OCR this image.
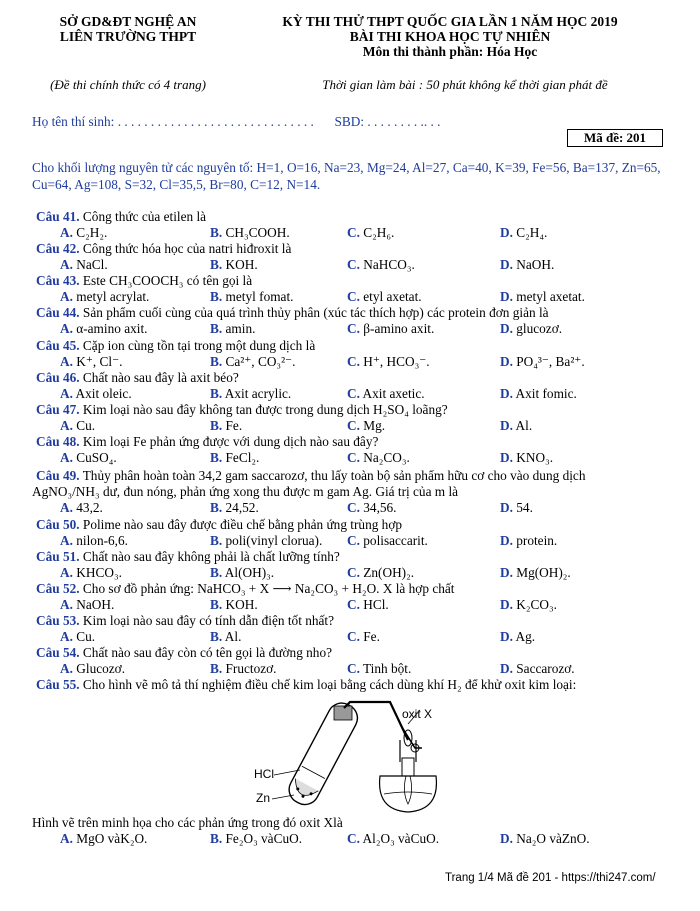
SỞ GD&ĐT NGHỆ AN
LIÊN TRƯỜNG THPT
KỲ THI THỬ THPT QUỐC GIA LẦN 1 NĂM HỌC 2019
BÀI THI KHOA HỌC TỰ NHIÊN
Môn thi thành phần: Hóa Học
(Đề thi chính thức có 4 trang)	Thời gian làm bài : 50 phút không kể thời gian phát đề
Họ tên thí sinh: . . . . . . . . . . . . . . . . . . . . . . . . . . . . . . SBD: . . . . . . . . .. . .
Mã đề: 201
Cho khối lượng nguyên tử các nguyên tố: H=1, O=16, Na=23, Mg=24, Al=27, Ca=40, K=39, Fe=56, Ba=137, Zn=65, Cu=64, Ag=108, S=32, Cl=35,5, Br=80, C=12, N=14.
Câu 41. Công thức của etilen là
A. C₂H₂.	B. CH₃COOH.	C. C₂H₆.	D. C₂H₄.
Câu 42. Công thức hóa học của natri hiđroxit là
A. NaCl.	B. KOH.	C. NaHCO₃.	D. NaOH.
Câu 43. Este CH₃COOCH₃ có tên gọi là
A. metyl acrylat.	B. metyl fomat.	C. etyl axetat.	D. metyl axetat.
Câu 44. Sản phẩm cuối cùng của quá trình thủy phân (xúc tác thích hợp) các protein đơn giản là
A. α-amino axit.	B. amin.	C. β-amino axit.	D. glucozơ.
Câu 45. Cặp ion cùng tồn tại trong một dung dịch là
A. K⁺, Cl⁻.	B. Ca²⁺, CO₃²⁻.	C. H⁺, HCO₃⁻.	D. PO₄³⁻, Ba²⁺.
Câu 46. Chất nào sau đây là axit béo?
A. Axit oleic.	B. Axit acrylic.	C. Axit axetic.	D. Axit fomic.
Câu 47. Kim loại nào sau đây không tan được trong dung dịch H₂SO₄ loãng?
A. Cu.	B. Fe.	C. Mg.	D. Al.
Câu 48. Kim loại Fe phản ứng được với dung dịch nào sau đây?
A. CuSO₄.	B. FeCl₂.	C. Na₂CO₃.	D. KNO₃.
Câu 49. Thủy phân hoàn toàn 34,2 gam saccarozơ, thu lấy toàn bộ sản phẩm hữu cơ cho vào dung dịch
AgNO₃/NH₃ dư, đun nóng, phản ứng xong thu được m gam Ag. Giá trị của m là
A. 43,2.	B. 24,52.	C. 34,56.	D. 54.
Câu 50. Polime nào sau đây được điều chế bằng phản ứng trùng hợp
A. nilon-6,6.	B. poli(vinyl clorua). C. polisaccarit.	D. protein.
Câu 51. Chất nào sau đây không phải là chất lưỡng tính?
A. KHCO₃.	B. Al(OH)₃.	C. Zn(OH)₂.	D. Mg(OH)₂.
Câu 52. Cho sơ đồ phản ứng: NaHCO₃ + X ⟶ Na₂CO₃ + H₂O. X là hợp chất
A. NaOH.	B. KOH.	C. HCl.	D. K₂CO₃.
Câu 53. Kim loại nào sau đây có tính dẫn điện tốt nhất?
A. Cu.	B. Al.	C. Fe.	D. Ag.
Câu 54. Chất nào sau đây còn có tên gọi là đường nho?
A. Glucozơ.	B. Fructozơ.	C. Tinh bột.	D. Saccarozơ.
Câu 55. Cho hình vẽ mô tả thí nghiệm điều chế kim loại bằng cách dùng khí H₂ để khử oxit kim loại:
Hình vẽ trên minh họa cho các phản ứng trong đó oxit Xlà
A. MgO vàK₂O.	B. Fe₂O₃ vàCuO.	C. Al₂O₃ vàCuO.	D. Na₂O vàZnO.
oxit X
HCl
Zn
Trang 1/4 Mã đề 201 - https://thi247.com/
